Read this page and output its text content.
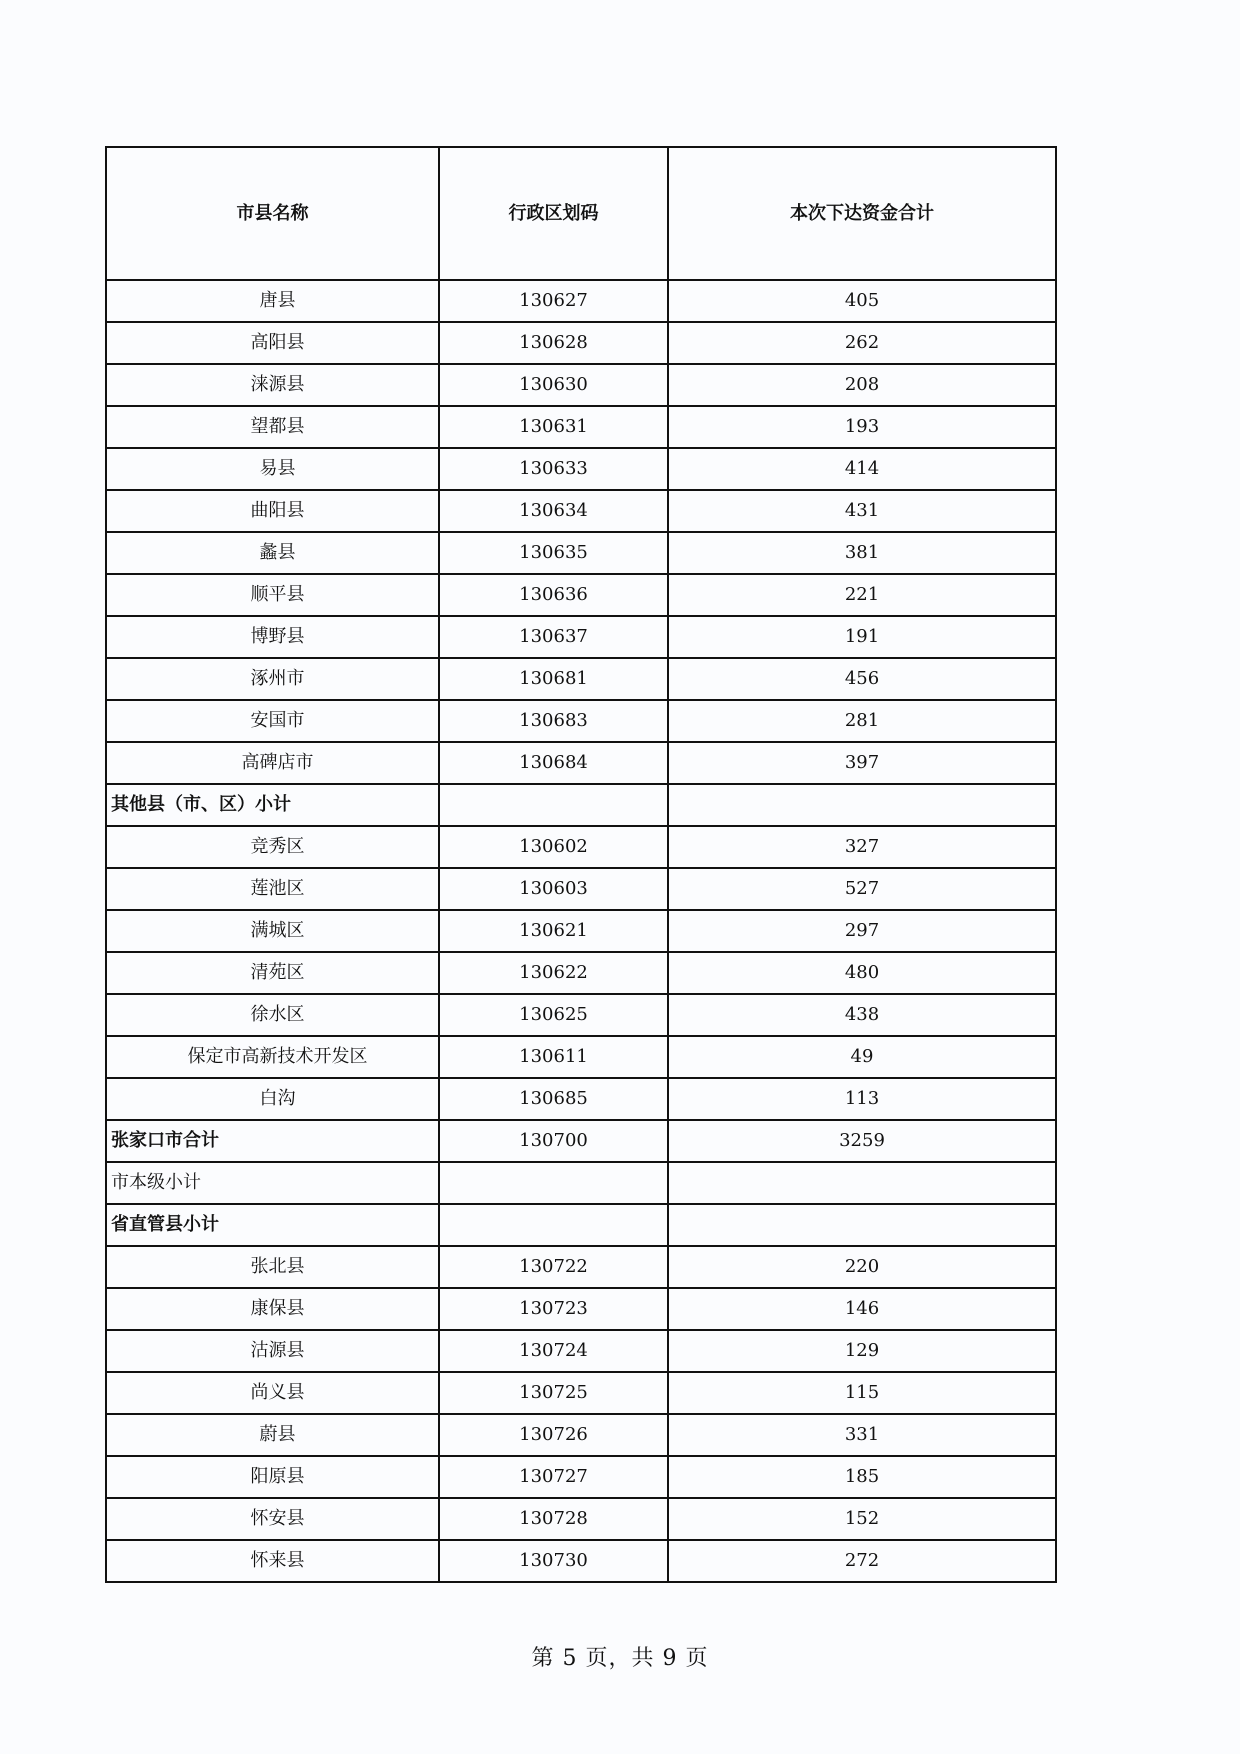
市县名称	行政区划码	本次下达资金合计
唐县	130627	405
高阳县	130628	262
涞源县	130630	208
望都县	130631	193
易县	130633	414
曲阳县	130634	431
蠡县	130635	381
顺平县	130636	221
博野县	130637	191
涿州市	130681	456
安国市	130683	281
高碑店市	130684	397
其他县（市、区）小计		
竞秀区	130602	327
莲池区	130603	527
满城区	130621	297
清苑区	130622	480
徐水区	130625	438
保定市高新技术开发区	130611	49
白沟	130685	113
张家口市合计	130700	3259
市本级小计		
省直管县小计		
张北县	130722	220
康保县	130723	146
沽源县	130724	129
尚义县	130725	115
蔚县	130726	331
阳原县	130727	185
怀安县	130728	152
怀来县	130730	272
第 5 页，共 9 页
